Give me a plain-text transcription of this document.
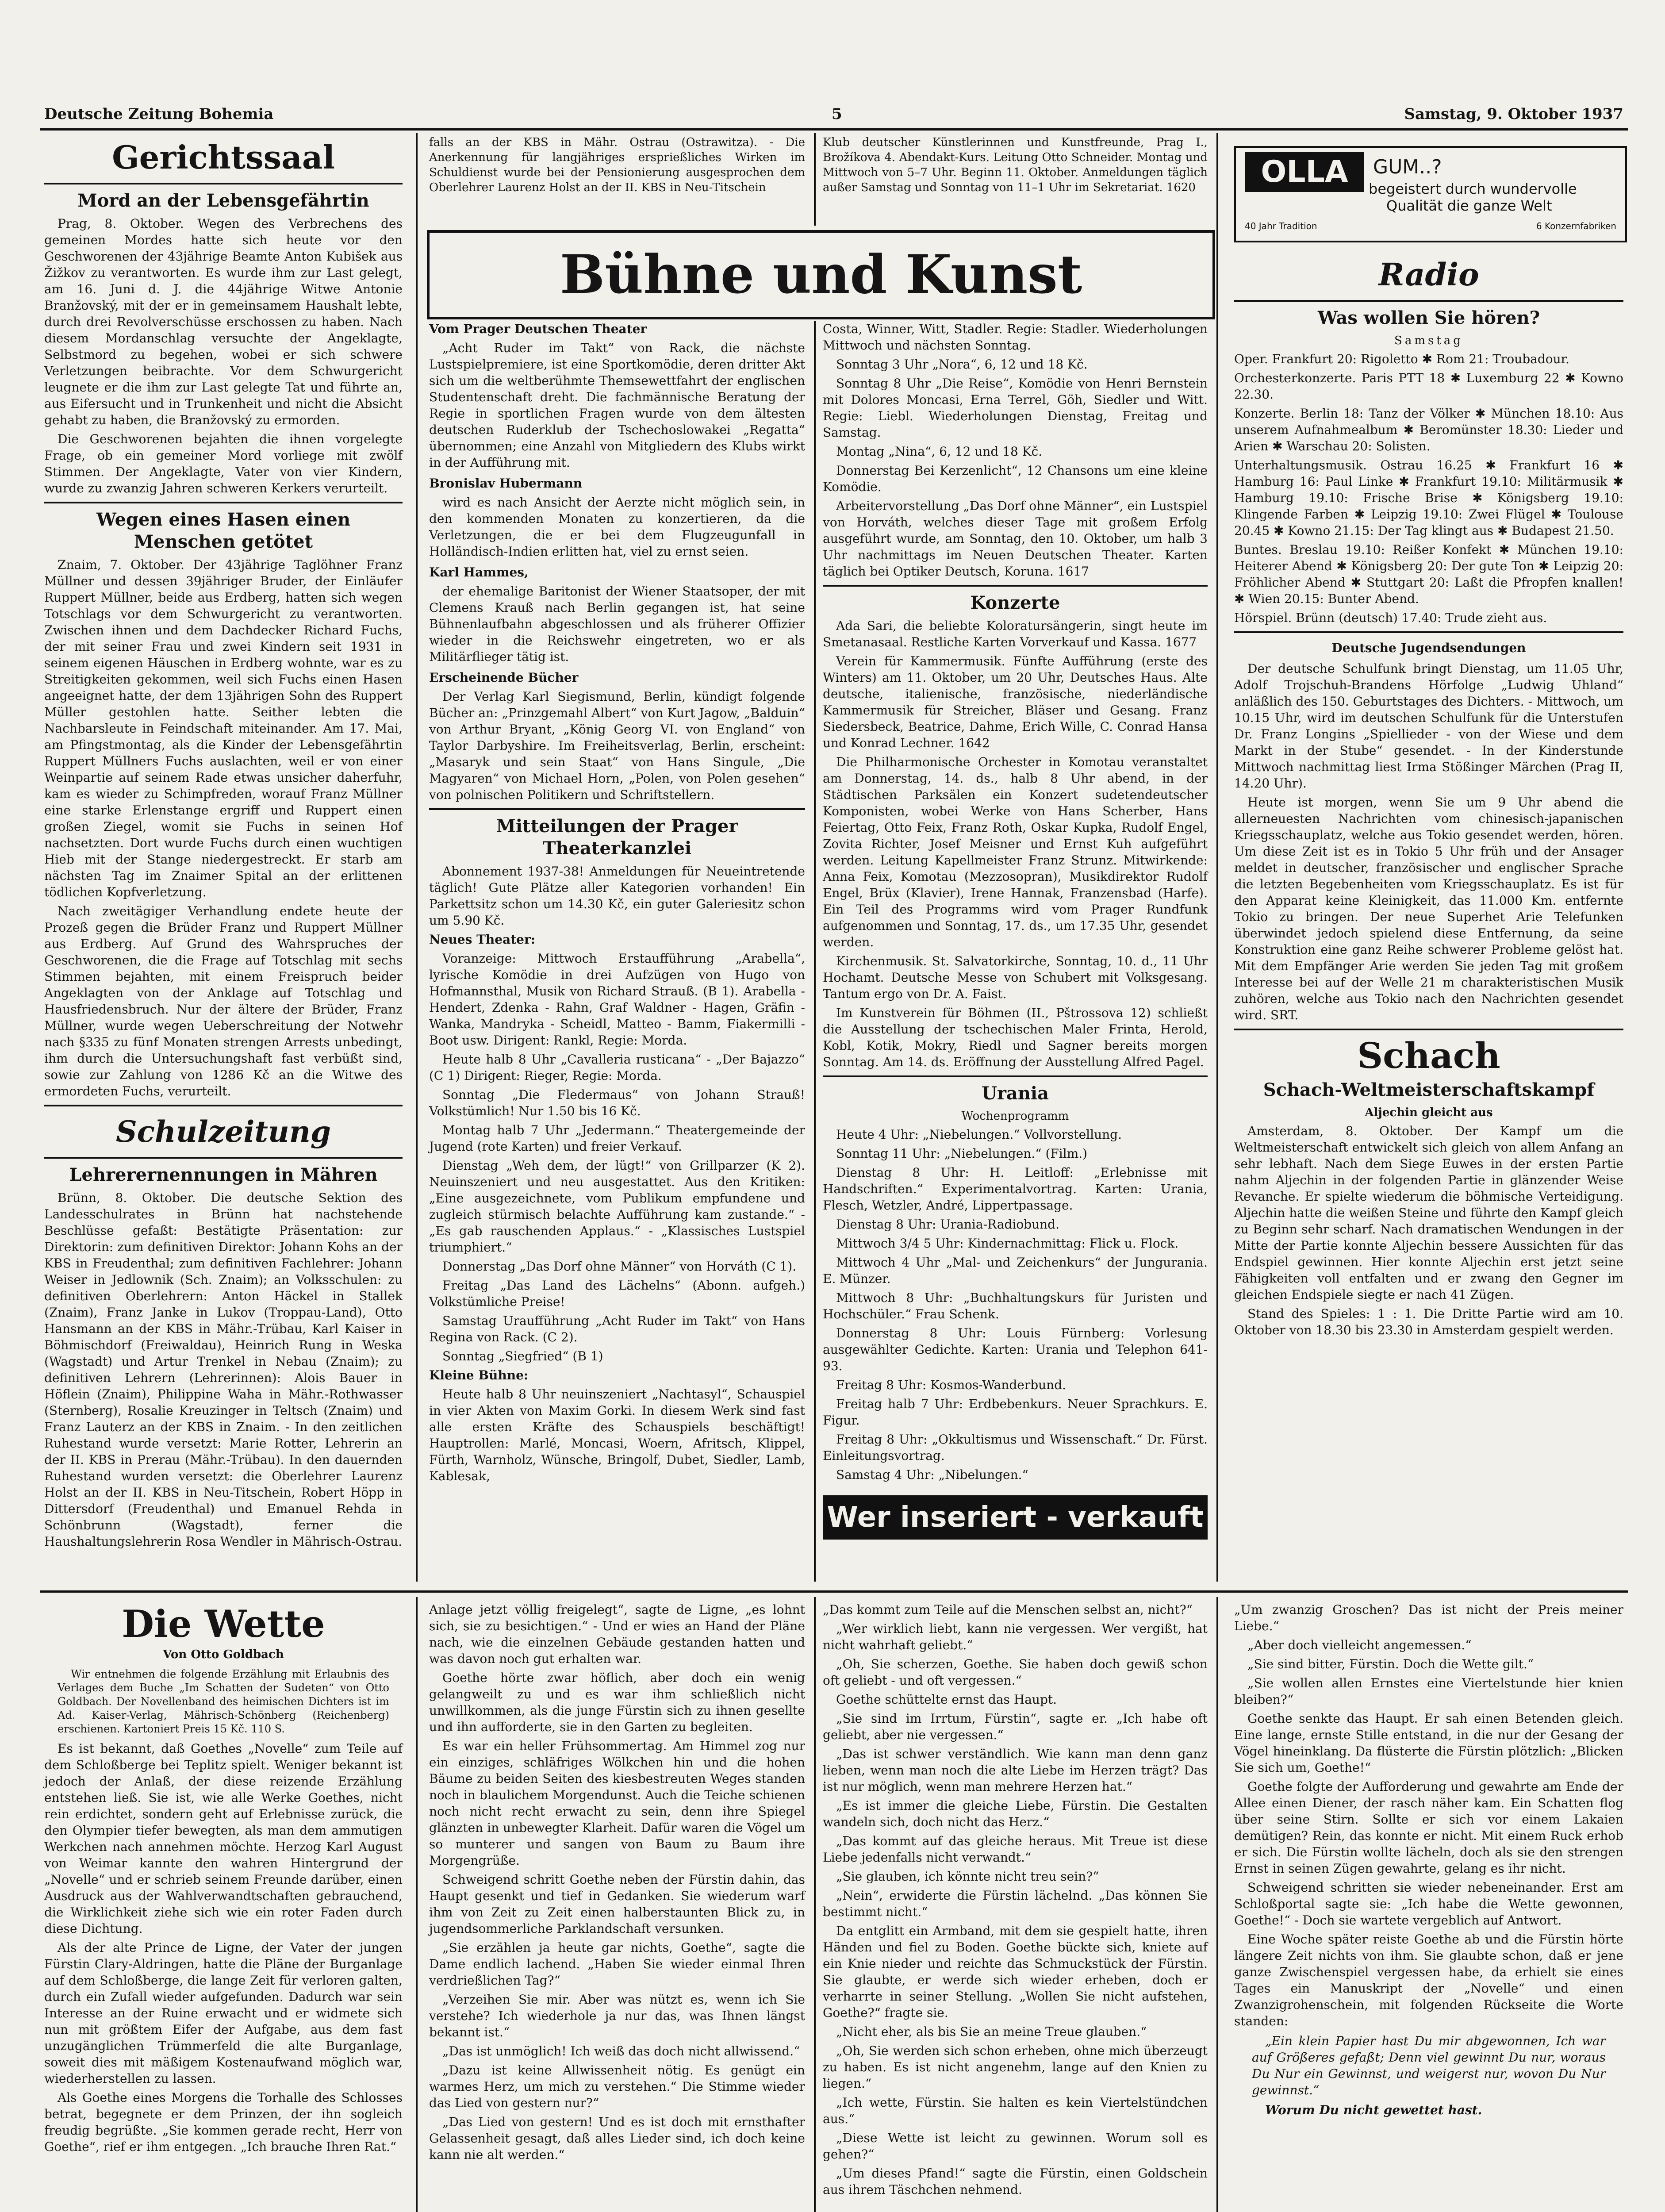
Deutsche Zeitung Bohemia	5	Samstag, 9. Oktober 1937
Gerichtssaal
Mord an der Lebensgefährtin

Prag, 8. Oktober. Wegen des Verbrechens des gemeinen Mordes hatte sich heute vor den Geschworenen der 43jährige Beamte Anton Kubišek aus Žižkov zu verantworten. Es wurde ihm zur Last gelegt, am 16. Juni d. J. die 44jährige Witwe Antonie Branžovský, mit der er in gemeinsamem Haushalt lebte, durch drei Revolverschüsse erschossen zu haben. Nach diesem Mordanschlag versuchte der Angeklagte, Selbstmord zu begehen, wobei er sich schwere Verletzungen beibrachte. Vor dem Schwurgericht leugnete er die ihm zur Last gelegte Tat und führte an, aus Eifersucht und in Trunkenheit und nicht die Absicht gehabt zu haben, die Branžovský zu ermorden.

Die Geschworenen bejahten die ihnen vorgelegte Frage, ob ein gemeiner Mord vorliege mit zwölf Stimmen. Der Angeklagte, Vater von vier Kindern, wurde zu zwanzig Jahren schweren Kerkers verurteilt.

Wegen eines Hasen einen Menschen getötet

Znaim, 7. Oktober. Der 43jährige Taglöhner Franz Müllner und dessen 39jähriger Bruder, der Einläufer Ruppert Müllner, beide aus Erdberg, hatten sich wegen Totschlags vor dem Schwurgericht zu verantworten. Zwischen ihnen und dem Dachdecker Richard Fuchs, der mit seiner Frau und zwei Kindern seit 1931 in seinem eigenen Häuschen in Erdberg wohnte, war es zu Streitigkeiten gekommen, weil sich Fuchs einen Hasen angeeignet hatte, der dem 13jährigen Sohn des Ruppert Müller gestohlen hatte. Seither lebten die Nachbarsleute in Feindschaft miteinander. Am 17. Mai, am Pfingstmontag, als die Kinder der Lebensgefährtin Ruppert Müllners Fuchs auslachten, weil er von einer Weinpartie auf seinem Rade etwas unsicher daherfuhr, kam es wieder zu Schimpfreden, worauf Franz Müllner eine starke Erlenstange ergriff und Ruppert einen großen Ziegel, womit sie Fuchs in seinen Hof nachsetzten. Dort wurde Fuchs durch einen wuchtigen Hieb mit der Stange niedergestreckt. Er starb am nächsten Tag im Znaimer Spital an der erlittenen tödlichen Kopfverletzung.

Nach zweitägiger Verhandlung endete heute der Prozeß gegen die Brüder Franz und Ruppert Müllner aus Erdberg. Auf Grund des Wahrspruches der Geschworenen, die die Frage auf Totschlag mit sechs Stimmen bejahten, mit einem Freispruch beider Angeklagten von der Anklage auf Totschlag und Hausfriedensbruch. Nur der ältere der Brüder, Franz Müllner, wurde wegen Ueberschreitung der Notwehr nach §335 zu fünf Monaten strengen Arrests unbedingt, ihm durch die Untersuchungshaft fast verbüßt sind, sowie zur Zahlung von 1286 Kč an die Witwe des ermordeten Fuchs, verurteilt.

Schulzeitung
Lehrerernennungen in Mähren

Brünn, 8. Oktober. Die deutsche Sektion des Landesschulrates in Brünn hat nachstehende Beschlüsse gefaßt: Bestätigte Präsentation: zur Direktorin: zum definitiven Direktor: Johann Kohs an der KBS in Freudenthal; zum definitiven Fachlehrer: Johann Weiser in Jedlownik (Sch. Znaim); an Volksschulen: zu definitiven Oberlehrern: Anton Häckel in Stallek (Znaim), Franz Janke in Lukov (Troppau-Land), Otto Hansmann an der KBS in Mähr.-Trübau, Karl Kaiser in Böhmischdorf (Freiwaldau), Heinrich Rung in Weska (Wagstadt) und Artur Trenkel in Nebau (Znaim); zu definitiven Lehrern (Lehrerinnen): Alois Bauer in Höflein (Znaim), Philippine Waha in Mähr.-Rothwasser (Sternberg), Rosalie Kreuzinger in Teltsch (Znaim) und Franz Lauterz an der KBS in Znaim. - In den zeitlichen Ruhestand wurde versetzt: Marie Rotter, Lehrerin an der II. KBS in Prerau (Mähr.-Trübau). In den dauernden Ruhestand wurden versetzt: die Oberlehrer Laurenz Holst an der II. KBS in Neu-Titschein, Robert Höpp in Dittersdorf (Freudenthal) und Emanuel Rehda in Schönbrunn (Wagstadt), ferner die Haushaltungslehrerin Rosa Wendler in Mährisch-Ostrau.

falls an der KBS in Mähr. Ostrau (Ostrawitza). - Die Anerkennung für langjähriges ersprießliches Wirken im Schuldienst wurde bei der Pensionierung ausgesprochen dem Oberlehrer Laurenz Holst an der II. KBS in Neu-Titschein

Klub deutscher Künstlerinnen und Kunstfreunde, Prag I., Brožíkova 4. Abendakt-Kurs. Leitung Otto Schneider. Montag und Mittwoch von 5–7 Uhr. Beginn 11. Oktober. Anmeldungen täglich außer Samstag und Sonntag von 11–1 Uhr im Sekretariat. 1620

Bühne und Kunst

Vom Prager Deutschen Theater

„Acht Ruder im Takt“ von Rack, die nächste Lustspielpremiere, ist eine Sportkomödie, deren dritter Akt sich um die weltberühmte Themsewettfahrt der englischen Studentenschaft dreht. Die fachmännische Beratung der Regie in sportlichen Fragen wurde von dem ältesten deutschen Ruderklub der Tschechoslowakei „Regatta“ übernommen; eine Anzahl von Mitgliedern des Klubs wirkt in der Aufführung mit.

Bronislav Hubermann

wird es nach Ansicht der Aerzte nicht möglich sein, in den kommenden Monaten zu konzertieren, da die Verletzungen, die er bei dem Flugzeugunfall in Holländisch-Indien erlitten hat, viel zu ernst seien.

Karl Hammes,

der ehemalige Baritonist der Wiener Staatsoper, der mit Clemens Krauß nach Berlin gegangen ist, hat seine Bühnenlaufbahn abgeschlossen und als früherer Offizier wieder in die Reichswehr eingetreten, wo er als Militärflieger tätig ist.

Erscheinende Bücher

Der Verlag Karl Siegismund, Berlin, kündigt folgende Bücher an: „Prinzgemahl Albert“ von Kurt Jagow, „Balduin“ von Arthur Bryant, „König Georg VI. von England“ von Taylor Darbyshire. Im Freiheitsverlag, Berlin, erscheint: „Masaryk und sein Staat“ von Hans Singule, „Die Magyaren“ von Michael Horn, „Polen, von Polen gesehen“ von polnischen Politikern und Schriftstellern.

Mitteilungen der Prager Theaterkanzlei

Abonnement 1937-38! Anmeldungen für Neueintretende täglich! Gute Plätze aller Kategorien vorhanden! Ein Parkettsitz schon um 14.30 Kč, ein guter Galeriesitz schon um 5.90 Kč.

Neues Theater:

Voranzeige: Mittwoch Erstaufführung „Arabella“, lyrische Komödie in drei Aufzügen von Hugo von Hofmannsthal, Musik von Richard Strauß. (B 1). Arabella - Hendert, Zdenka - Rahn, Graf Waldner - Hagen, Gräfin - Wanka, Mandryka - Scheidl, Matteo - Bamm, Fiakermilli - Boot usw. Dirigent: Rankl, Regie: Morda.

Heute halb 8 Uhr „Cavalleria rusticana“ - „Der Bajazzo“ (C 1) Dirigent: Rieger, Regie: Morda.

Sonntag „Die Fledermaus“ von Johann Strauß! Volkstümlich! Nur 1.50 bis 16 Kč.

Montag halb 7 Uhr „Jedermann.“ Theatergemeinde der Jugend (rote Karten) und freier Verkauf.

Dienstag „Weh dem, der lügt!“ von Grillparzer (K 2). Neuinszeniert und neu ausgestattet. Aus den Kritiken: „Eine ausgezeichnete, vom Publikum empfundene und zugleich stürmisch belachte Aufführung kam zustande.“ - „Es gab rauschenden Applaus.“ - „Klassisches Lustspiel triumphiert.“

Donnerstag „Das Dorf ohne Männer“ von Horváth (C 1).

Freitag „Das Land des Lächelns“ (Abonn. aufgeh.) Volkstümliche Preise!

Samstag Uraufführung „Acht Ruder im Takt“ von Hans Regina von Rack. (C 2).

Sonntag „Siegfried“ (B 1)

Kleine Bühne:

Heute halb 8 Uhr neuinszeniert „Nachtasyl“, Schauspiel in vier Akten von Maxim Gorki. In diesem Werk sind fast alle ersten Kräfte des Schauspiels beschäftigt! Hauptrollen: Marlé, Moncasi, Woern, Afritsch, Klippel, Fürth, Warnholz, Wünsche, Bringolf, Dubet, Siedler, Lamb, Kablesak,

Costa, Winner, Witt, Stadler. Regie: Stadler. Wiederholungen Mittwoch und nächsten Sonntag.

Sonntag 3 Uhr „Nora“, 6, 12 und 18 Kč.

Sonntag 8 Uhr „Die Reise“, Komödie von Henri Bernstein mit Dolores Moncasi, Erna Terrel, Göh, Siedler und Witt. Regie: Liebl. Wiederholungen Dienstag, Freitag und Samstag.

Montag „Nina“, 6, 12 und 18 Kč.

Donnerstag Bei Kerzenlicht“, 12 Chansons um eine kleine Komödie.

Arbeitervorstellung „Das Dorf ohne Männer“, ein Lustspiel von Horváth, welches dieser Tage mit großem Erfolg ausgeführt wurde, am Sonntag, den 10. Oktober, um halb 3 Uhr nachmittags im Neuen Deutschen Theater. Karten täglich bei Optiker Deutsch, Koruna. 1617

Konzerte

Ada Sari, die beliebte Koloratursängerin, singt heute im Smetanasaal. Restliche Karten Vorverkauf und Kassa. 1677

Verein für Kammermusik. Fünfte Aufführung (erste des Winters) am 11. Oktober, um 20 Uhr, Deutsches Haus. Alte deutsche, italienische, französische, niederländische Kammermusik für Streicher, Bläser und Gesang. Franz Siedersbeck, Beatrice, Dahme, Erich Wille, C. Conrad Hansa und Konrad Lechner. 1642

Die Philharmonische Orchester in Komotau veranstaltet am Donnerstag, 14. ds., halb 8 Uhr abend, in der Städtischen Parksälen ein Konzert sudetendeutscher Komponisten, wobei Werke von Hans Scherber, Hans Feiertag, Otto Feix, Franz Roth, Oskar Kupka, Rudolf Engel, Zovita Richter, Josef Meisner und Ernst Kuh aufgeführt werden. Leitung Kapellmeister Franz Strunz. Mitwirkende: Anna Feix, Komotau (Mezzosopran), Musikdirektor Rudolf Engel, Brüx (Klavier), Irene Hannak, Franzensbad (Harfe). Ein Teil des Programms wird vom Prager Rundfunk aufgenommen und Sonntag, 17. ds., um 17.35 Uhr, gesendet werden.

Kirchenmusik. St. Salvatorkirche, Sonntag, 10. d., 11 Uhr Hochamt. Deutsche Messe von Schubert mit Volksgesang. Tantum ergo von Dr. A. Faist.

Im Kunstverein für Böhmen (II., Pštrossova 12) schließt die Ausstellung der tschechischen Maler Frinta, Herold, Kobl, Kotik, Mokry, Riedl und Sagner bereits morgen Sonntag. Am 14. ds. Eröffnung der Ausstellung Alfred Pagel.

Urania
Wochenprogramm

Heute 4 Uhr: „Niebelungen.“ Vollvorstellung.

Sonntag 11 Uhr: „Niebelungen.“ (Film.)

Dienstag 8 Uhr: H. Leitloff: „Erlebnisse mit Handschriften.“ Experimentalvortrag. Karten: Urania, Flesch, Wetzler, André, Lippertpassage.

Dienstag 8 Uhr: Urania-Radiobund.

Mittwoch 3/4 5 Uhr: Kindernachmittag: Flick u. Flock.

Mittwoch 4 Uhr „Mal- und Zeichenkurs“ der Jungurania. E. Münzer.

Mittwoch 8 Uhr: „Buchhaltungskurs für Juristen und Hochschüler.“ Frau Schenk.

Donnerstag 8 Uhr: Louis Fürnberg: Vorlesung ausgewählter Gedichte. Karten: Urania und Telephon 641-93.

Freitag 8 Uhr: Kosmos-Wanderbund.

Freitag halb 7 Uhr: Erdbebenkurs. Neuer Sprachkurs. E. Figur.

Freitag 8 Uhr: „Okkultismus und Wissenschaft.“ Dr. Fürst. Einleitungsvortrag.

Samstag 4 Uhr: „Nibelungen.“

Wer inseriert - verkauft
OLLA	GUM..?
begeistert durch wundervolle
Qualität die ganze Welt
40 Jahr Tradition	6 Konzernfabriken
Radio
Was wollen Sie hören?
Samstag

Oper. Frankfurt 20: Rigoletto ✱ Rom 21: Troubadour.

Orchesterkonzerte. Paris PTT 18 ✱ Luxemburg 22 ✱ Kowno 22.30.

Konzerte. Berlin 18: Tanz der Völker ✱ München 18.10: Aus unserem Aufnahmealbum ✱ Beromünster 18.30: Lieder und Arien ✱ Warschau 20: Solisten.

Unterhaltungsmusik. Ostrau 16.25 ✱ Frankfurt 16 ✱ Hamburg 16: Paul Linke ✱ Frankfurt 19.10: Militärmusik ✱ Hamburg 19.10: Frische Brise ✱ Königsberg 19.10: Klingende Farben ✱ Leipzig 19.10: Zwei Flügel ✱ Toulouse 20.45 ✱ Kowno 21.15: Der Tag klingt aus ✱ Budapest 21.50.

Buntes. Breslau 19.10: Reißer Konfekt ✱ München 19.10: Heiterer Abend ✱ Königsberg 20: Der gute Ton ✱ Leipzig 20: Fröhlicher Abend ✱ Stuttgart 20: Laßt die Pfropfen knallen! ✱ Wien 20.15: Bunter Abend.

Hörspiel. Brünn (deutsch) 17.40: Trude zieht aus.

Deutsche Jugendsendungen

Der deutsche Schulfunk bringt Dienstag, um 11.05 Uhr, Adolf Trojschuh-Brandens Hörfolge „Ludwig Uhland“ anläßlich des 150. Geburtstages des Dichters. - Mittwoch, um 10.15 Uhr, wird im deutschen Schulfunk für die Unterstufen Dr. Franz Longins „Spiellieder - von der Wiese und dem Markt in der Stube“ gesendet. - In der Kinderstunde Mittwoch nachmittag liest Irma Stößinger Märchen (Prag II, 14.20 Uhr).

Heute ist morgen, wenn Sie um 9 Uhr abend die allerneuesten Nachrichten vom chinesisch-japanischen Kriegsschauplatz, welche aus Tokio gesendet werden, hören. Um diese Zeit ist es in Tokio 5 Uhr früh und der Ansager meldet in deutscher, französischer und englischer Sprache die letzten Begebenheiten vom Kriegsschauplatz. Es ist für den Apparat keine Kleinigkeit, das 11.000 Km. entfernte Tokio zu bringen. Der neue Superhet Arie Telefunken überwindet jedoch spielend diese Entfernung, da seine Konstruktion eine ganz Reihe schwerer Probleme gelöst hat. Mit dem Empfänger Arie werden Sie jeden Tag mit großem Interesse bei auf der Welle 21 m charakteristischen Musik zuhören, welche aus Tokio nach den Nachrichten gesendet wird. SRT.

Schach
Schach-Weltmeisterschaftskampf
Aljechin gleicht aus

Amsterdam, 8. Oktober. Der Kampf um die Weltmeisterschaft entwickelt sich gleich von allem Anfang an sehr lebhaft. Nach dem Siege Euwes in der ersten Partie nahm Aljechin in der folgenden Partie in glänzender Weise Revanche. Er spielte wiederum die böhmische Verteidigung. Aljechin hatte die weißen Steine und führte den Kampf gleich zu Beginn sehr scharf. Nach dramatischen Wendungen in der Mitte der Partie konnte Aljechin bessere Aussichten für das Endspiel gewinnen. Hier konnte Aljechin erst jetzt seine Fähigkeiten voll entfalten und er zwang den Gegner im gleichen Endspiele siegte er nach 41 Zügen.

Stand des Spieles: 1 : 1. Die Dritte Partie wird am 10. Oktober von 18.30 bis 23.30 in Amsterdam gespielt werden.

Die Wette
Von Otto Goldbach

Wir entnehmen die folgende Erzählung mit Erlaubnis des Verlages dem Buche „Im Schatten der Sudeten“ von Otto Goldbach. Der Novellenband des heimischen Dichters ist im Ad. Kaiser-Verlag, Mährisch-Schönberg (Reichenberg) erschienen. Kartoniert Preis 15 Kč. 110 S.

Es ist bekannt, daß Goethes „Novelle“ zum Teile auf dem Schloßberge bei Teplitz spielt. Weniger bekannt ist jedoch der Anlaß, der diese reizende Erzählung entstehen ließ. Sie ist, wie alle Werke Goethes, nicht rein erdichtet, sondern geht auf Erlebnisse zurück, die den Olympier tiefer bewegten, als man dem ammutigen Werkchen nach annehmen möchte. Herzog Karl August von Weimar kannte den wahren Hintergrund der „Novelle“ und er schrieb seinem Freunde darüber, einen Ausdruck aus der Wahlverwandtschaften gebrauchend, die Wirklichkeit ziehe sich wie ein roter Faden durch diese Dichtung.

Als der alte Prince de Ligne, der Vater der jungen Fürstin Clary-Aldringen, hatte die Pläne der Burganlage auf dem Schloßberge, die lange Zeit für verloren galten, durch ein Zufall wieder aufgefunden. Dadurch war sein Interesse an der Ruine erwacht und er widmete sich nun mit größtem Eifer der Aufgabe, aus dem fast unzugänglichen Trümmerfeld die alte Burganlage, soweit dies mit mäßigem Kostenaufwand möglich war, wiederherstellen zu lassen.

Als Goethe eines Morgens die Torhalle des Schlosses betrat, begegnete er dem Prinzen, der ihn sogleich freudig begrüßte. „Sie kommen gerade recht, Herr von Goethe“, rief er ihm entgegen. „Ich brauche Ihren Rat.“

Anlage jetzt völlig freigelegt“, sagte de Ligne, „es lohnt sich, sie zu besichtigen.“ - Und er wies an Hand der Pläne nach, wie die einzelnen Gebäude gestanden hatten und was davon noch gut erhalten war.

Goethe hörte zwar höflich, aber doch ein wenig gelangweilt zu und es war ihm schließlich nicht unwillkommen, als die junge Fürstin sich zu ihnen gesellte und ihn aufforderte, sie in den Garten zu begleiten.

Es war ein heller Frühsommertag. Am Himmel zog nur ein einziges, schläfriges Wölkchen hin und die hohen Bäume zu beiden Seiten des kiesbestreuten Weges standen noch in blaulichem Morgendunst. Auch die Teiche schienen noch nicht recht erwacht zu sein, denn ihre Spiegel glänzten in unbewegter Klarheit. Dafür waren die Vögel um so munterer und sangen von Baum zu Baum ihre Morgengrüße.

Schweigend schritt Goethe neben der Fürstin dahin, das Haupt gesenkt und tief in Gedanken. Sie wiederum warf ihm von Zeit zu Zeit einen halberstaunten Blick zu, in jugendsommerliche Parklandschaft versunken.

„Sie erzählen ja heute gar nichts, Goethe“, sagte die Dame endlich lachend. „Haben Sie wieder einmal Ihren verdrießlichen Tag?“

„Verzeihen Sie mir. Aber was nützt es, wenn ich Sie verstehe? Ich wiederhole ja nur das, was Ihnen längst bekannt ist.“

„Das ist unmöglich! Ich weiß das doch nicht allwissend.“

„Dazu ist keine Allwissenheit nötig. Es genügt ein warmes Herz, um mich zu verstehen.“ Die Stimme wieder das Lied von gestern nur?“

„Das Lied von gestern! Und es ist doch mit ernsthafter Gelassenheit gesagt, daß alles Lieder sind, ich doch keine kann nie alt werden.“

„Das kommt zum Teile auf die Menschen selbst an, nicht?“

„Wer wirklich liebt, kann nie vergessen. Wer vergißt, hat nicht wahrhaft geliebt.“

„Oh, Sie scherzen, Goethe. Sie haben doch gewiß schon oft geliebt - und oft vergessen.“

Goethe schüttelte ernst das Haupt.

„Sie sind im Irrtum, Fürstin“, sagte er. „Ich habe oft geliebt, aber nie vergessen.“

„Das ist schwer verständlich. Wie kann man denn ganz lieben, wenn man noch die alte Liebe im Herzen trägt? Das ist nur möglich, wenn man mehrere Herzen hat.“

„Es ist immer die gleiche Liebe, Fürstin. Die Gestalten wandeln sich, doch nicht das Herz.“

„Das kommt auf das gleiche heraus. Mit Treue ist diese Liebe jedenfalls nicht verwandt.“

„Sie glauben, ich könnte nicht treu sein?“

„Nein“, erwiderte die Fürstin lächelnd. „Das können Sie bestimmt nicht.“

Da entglitt ein Armband, mit dem sie gespielt hatte, ihren Händen und fiel zu Boden. Goethe bückte sich, kniete auf ein Knie nieder und reichte das Schmuckstück der Fürstin. Sie glaubte, er werde sich wieder erheben, doch er verharrte in seiner Stellung. „Wollen Sie nicht aufstehen, Goethe?“ fragte sie.

„Nicht eher, als bis Sie an meine Treue glauben.“

„Oh, Sie werden sich schon erheben, ohne mich überzeugt zu haben. Es ist nicht angenehm, lange auf den Knien zu liegen.“

„Ich wette, Fürstin. Sie halten es kein Viertelstündchen aus.“

„Diese Wette ist leicht zu gewinnen. Worum soll es gehen?“

„Um dieses Pfand!“ sagte die Fürstin, einen Goldschein aus ihrem Täschchen nehmend.

„Um zwanzig Groschen? Das ist nicht der Preis meiner Liebe.“

„Aber doch vielleicht angemessen.“

„Sie sind bitter, Fürstin. Doch die Wette gilt.“

„Sie wollen allen Ernstes eine Viertelstunde hier knien bleiben?“

Goethe senkte das Haupt. Er sah einen Betenden gleich. Eine lange, ernste Stille entstand, in die nur der Gesang der Vögel hineinklang. Da flüsterte die Fürstin plötzlich: „Blicken Sie sich um, Goethe!“

Goethe folgte der Aufforderung und gewahrte am Ende der Allee einen Diener, der rasch näher kam. Ein Schatten flog über seine Stirn. Sollte er sich vor einem Lakaien demütigen? Rein, das konnte er nicht. Mit einem Ruck erhob er sich. Die Fürstin wollte lächeln, doch als sie den strengen Ernst in seinen Zügen gewahrte, gelang es ihr nicht.

Schweigend schritten sie wieder nebeneinander. Erst am Schloßportal sagte sie: „Ich habe die Wette gewonnen, Goethe!“ - Doch sie wartete vergeblich auf Antwort.

Eine Woche später reiste Goethe ab und die Fürstin hörte längere Zeit nichts von ihm. Sie glaubte schon, daß er jene ganze Zwischenspiel vergessen habe, da erhielt sie eines Tages ein Manuskript der „Novelle“ und einen Zwanzigrohenschein, mit folgenden Rückseite die Worte standen:

„Ein klein Papier hast Du mir abgewonnen, Ich war auf Größeres gefaßt; Denn viel gewinnt Du nur, woraus Du Nur ein Gewinnst, und weigerst nur, wovon Du Nur gewinnst.“

Worum Du nicht gewettet hast.
